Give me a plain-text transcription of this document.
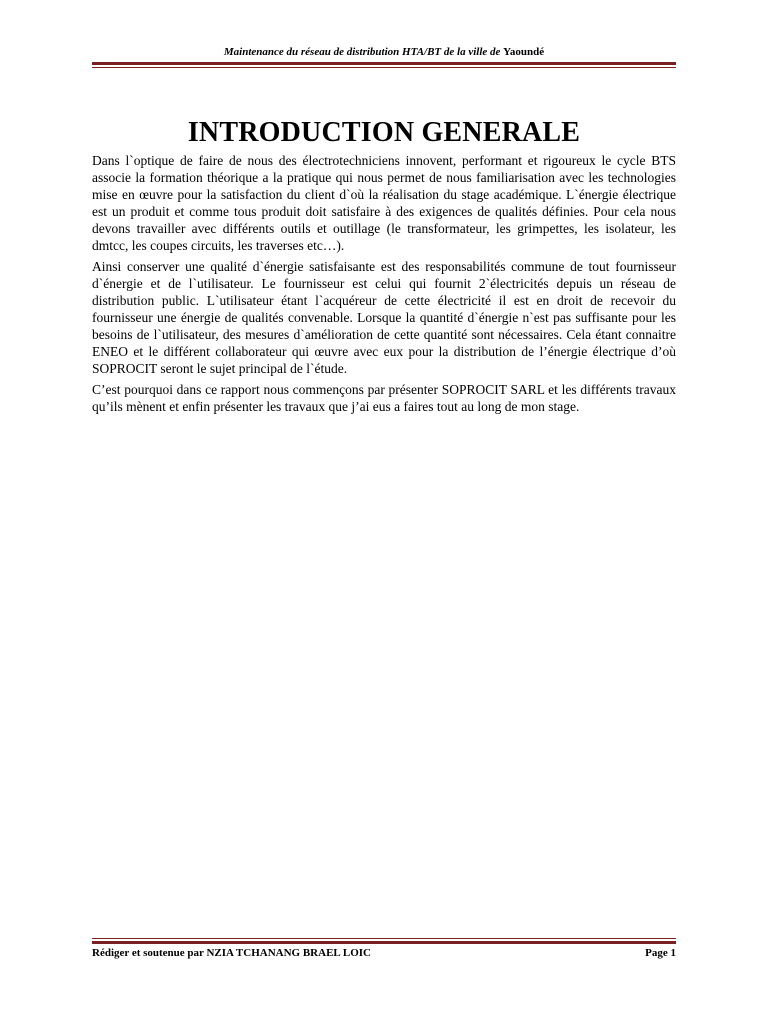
Maintenance du réseau de distribution HTA/BT de la ville de Yaoundé
INTRODUCTION GENERALE

Dans l`optique de faire de nous des électrotechniciens innovent, performant et rigoureux le cycle BTS associe la formation théorique a la pratique qui nous permet de nous familiarisation avec les technologies mise en œuvre pour la satisfaction du client d`où la réalisation du stage académique. L`énergie électrique est un produit et comme tous produit doit satisfaire à des exigences de qualités définies. Pour cela nous devons travailler avec différents outils et outillage (le transformateur, les grimpettes, les isolateur, les dmtcc, les coupes circuits, les traverses etc…).

Ainsi conserver une qualité d`énergie satisfaisante est des responsabilités commune de tout fournisseur d`énergie et de l`utilisateur. Le fournisseur est celui qui fournit 2`électricités depuis un réseau de distribution public. L`utilisateur étant l`acquéreur de cette électricité il est en droit de recevoir du fournisseur une énergie de qualités convenable. Lorsque la quantité d`énergie n`est pas suffisante pour les besoins de l`utilisateur, des mesures d`amélioration de cette quantité sont nécessaires. Cela étant connaitre ENEO et le différent collaborateur qui œuvre avec eux pour la distribution de l’énergie électrique d’où SOPROCIT seront le sujet principal de l`étude.

C’est pourquoi dans ce rapport nous commençons par présenter SOPROCIT SARL et les différents travaux qu’ils mènent et enfin présenter les travaux que j’ai eus a faires tout au long de mon stage.

Rédiger et soutenue par NZIA TCHANANG BRAEL LOIC	Page 1
